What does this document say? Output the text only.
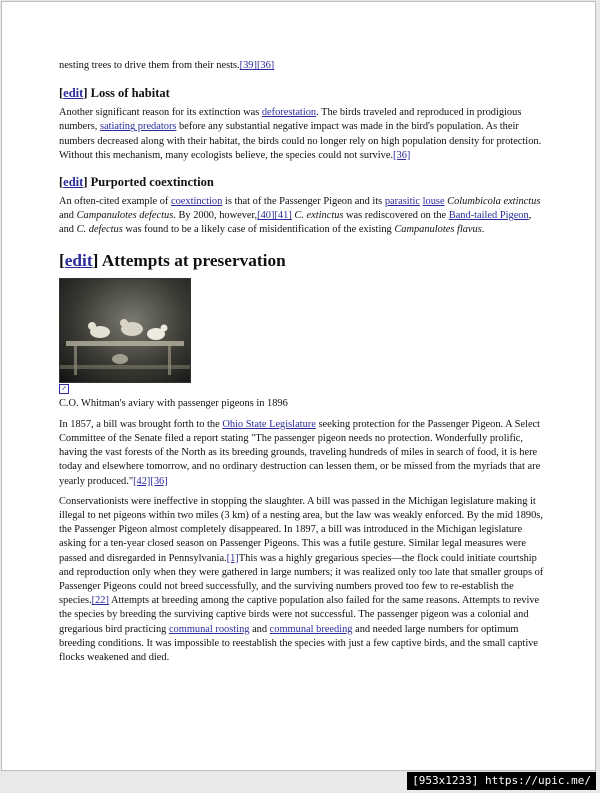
nesting trees to drive them from their nests.[39][36]

[edit] Loss of habitat

Another significant reason for its extinction was deforestation. The birds traveled and reproduced in prodigious numbers, satiating predators before any substantial negative impact was made in the bird's population. As their numbers decreased along with their habitat, the birds could no longer rely on high population density for protection. Without this mechanism, many ecologists believe, the species could not survive.[36]

[edit] Purported coextinction

An often-cited example of coextinction is that of the Passenger Pigeon and its parasitic louse Columbicola extinctus and Campanulotes defectus. By 2000, however,[40][41] C. extinctus was rediscovered on the Band-tailed Pigeon, and C. defectus was found to be a likely case of misidentification of the existing Campanulotes flavus.

[edit] Attempts at preservation
⤢

C.O. Whitman's aviary with passenger pigeons in 1896

In 1857, a bill was brought forth to the Ohio State Legislature seeking protection for the Passenger Pigeon. A Select Committee of the Senate filed a report stating "The passenger pigeon needs no protection. Wonderfully prolific, having the vast forests of the North as its breeding grounds, traveling hundreds of miles in search of food, it is here today and elsewhere tomorrow, and no ordinary destruction can lessen them, or be missed from the myriads that are yearly produced."[42][36]

Conservationists were ineffective in stopping the slaughter. A bill was passed in the Michigan legislature making it illegal to net pigeons within two miles (3 km) of a nesting area, but the law was weakly enforced. By the mid 1890s, the Passenger Pigeon almost completely disappeared. In 1897, a bill was introduced in the Michigan legislature asking for a ten-year closed season on Passenger Pigeons. This was a futile gesture. Similar legal measures were passed and disregarded in Pennsylvania.[1]This was a highly gregarious species—the flock could initiate courtship and reproduction only when they were gathered in large numbers; it was realized only too late that smaller groups of Passenger Pigeons could not breed successfully, and the surviving numbers proved too few to re-establish the species.[22] Attempts at breeding among the captive population also failed for the same reasons. Attempts to revive the species by breeding the surviving captive birds were not successful. The passenger pigeon was a colonial and gregarious bird practicing communal roosting and communal breeding and needed large numbers for optimum breeding conditions. It was impossible to reestablish the species with just a few captive birds, and the small captive flocks weakened and died.

[953x1233] https://upic.me/
